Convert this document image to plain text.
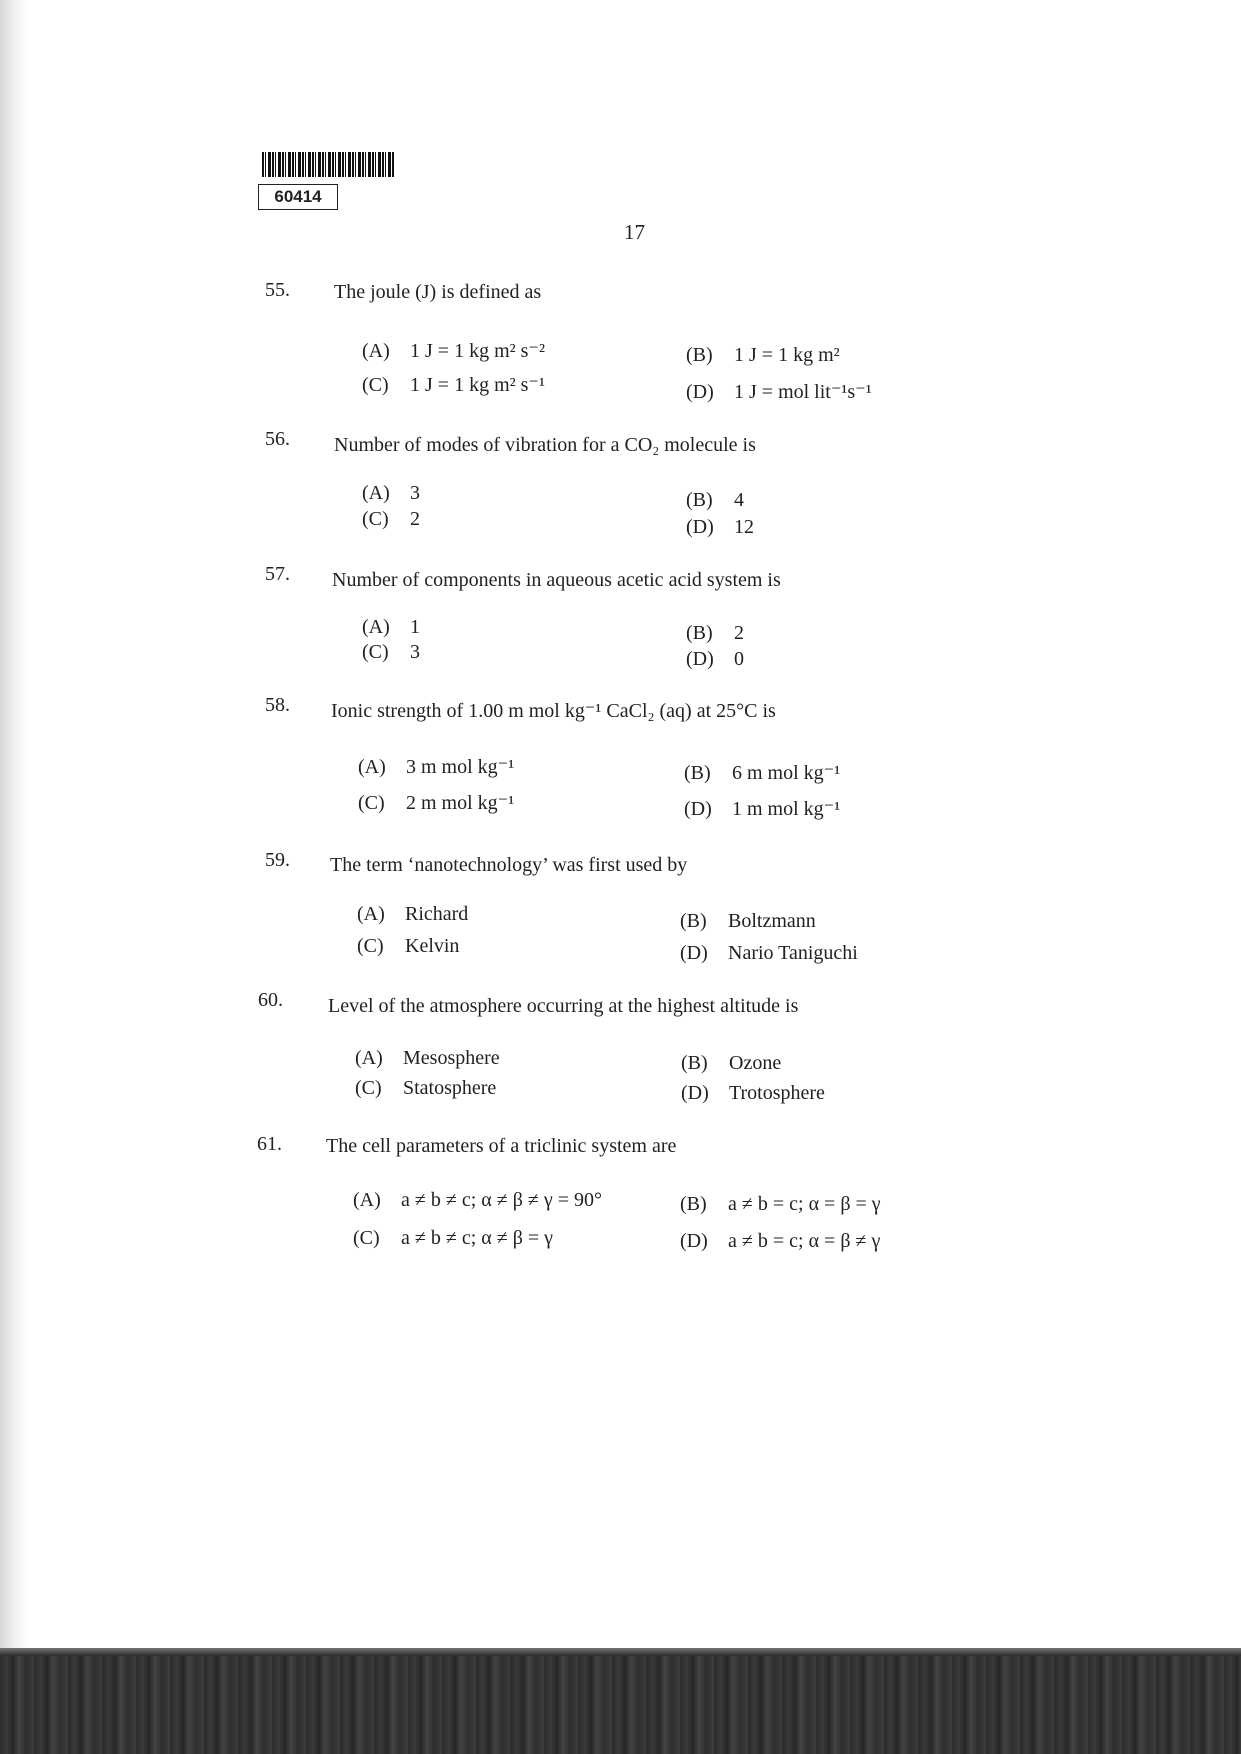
60414
17
55. The joule (J) is defined as
(A) 1 J = 1 kg m² s⁻²	(B) 1 J = 1 kg m²
(C) 1 J = 1 kg m² s⁻¹	(D) 1 J = mol lit⁻¹s⁻¹
56. Number of modes of vibration for a CO₂ molecule is
(A) 3	(B) 4
(C) 2	(D) 12
57. Number of components in aqueous acetic acid system is
(A) 1	(B) 2
(C) 3	(D) 0
58. Ionic strength of 1.00 m mol kg⁻¹ CaCl₂ (aq) at 25°C is
(A) 3 m mol kg⁻¹	(B) 6 m mol kg⁻¹
(C) 2 m mol kg⁻¹	(D) 1 m mol kg⁻¹
59. The term ‘nanotechnology’ was first used by
(A) Richard	(B) Boltzmann
(C) Kelvin	(D) Nario Taniguchi
60. Level of the atmosphere occurring at the highest altitude is
(A) Mesosphere	(B) Ozone
(C) Statosphere	(D) Trotosphere
61. The cell parameters of a triclinic system are
(A) a ≠ b ≠ c; α ≠ β ≠ γ = 90°	(B) a ≠ b = c; α = β = γ
(C) a ≠ b ≠ c; α ≠ β = γ	(D) a ≠ b = c; α = β ≠ γ
